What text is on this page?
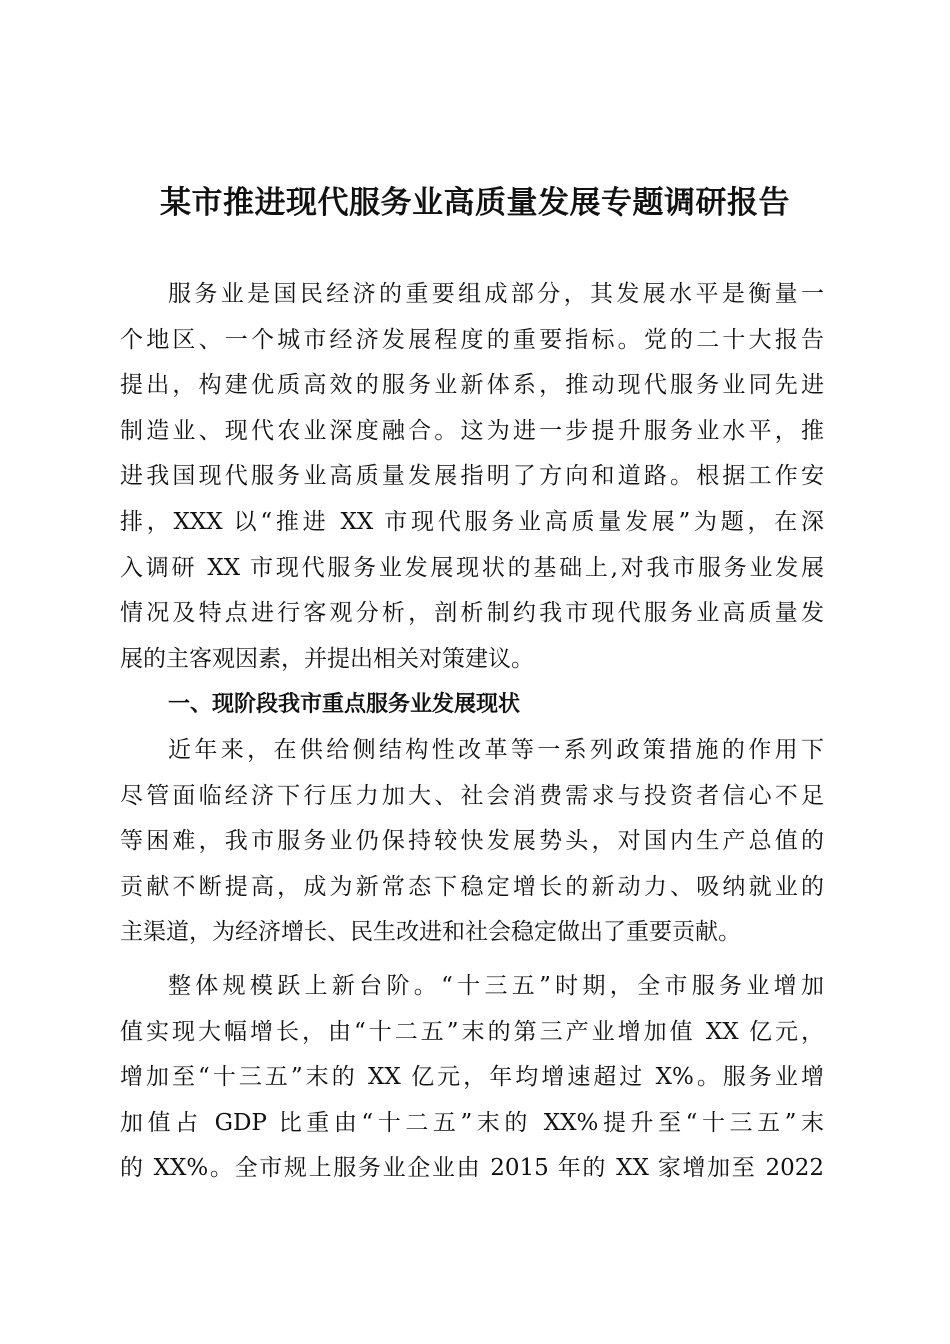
某市推进现代服务业高质量发展专题调研报告

服务业是国民经济的重要组成部分，其发展水平是衡量一
个地区、一个城市经济发展程度的重要指标。党的二十大报告
提出，构建优质高效的服务业新体系，推动现代服务业同先进
制造业、现代农业深度融合。这为进一步提升服务业水平，推
进我国现代服务业高质量发展指明了方向和道路。根据工作安
排，XXX 以“推进 XX 市现代服务业高质量发展”为题，在深
入调研 XX 市现代服务业发展现状的基础上,对我市服务业发展
情况及特点进行客观分析，剖析制约我市现代服务业高质量发
展的主客观因素，并提出相关对策建议。

一、现阶段我市重点服务业发展现状

近年来，在供给侧结构性改革等一系列政策措施的作用下
尽管面临经济下行压力加大、社会消费需求与投资者信心不足
等困难，我市服务业仍保持较快发展势头，对国内生产总值的
贡献不断提高，成为新常态下稳定增长的新动力、吸纳就业的
主渠道，为经济增长、民生改进和社会稳定做出了重要贡献。

整体规模跃上新台阶。“十三五”时期，全市服务业增加
值实现大幅增长，由“十二五”末的第三产业增加值 XX 亿元，
增加至“十三五”末的 XX 亿元，年均增速超过 X%。服务业增
加值占 GDP 比重由“十二五”末的 XX%提升至“十三五”末
的 XX%。全市规上服务业企业由 2015 年的 XX 家增加至 2022
